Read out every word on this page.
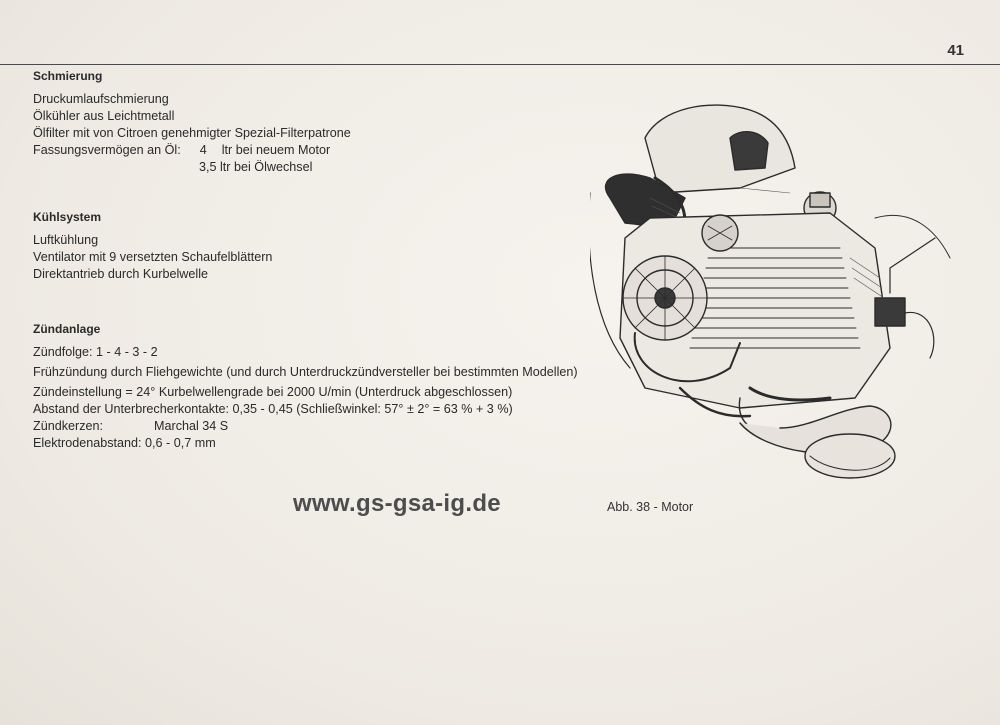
41
Schmierung
Druckumlaufschmierung
Ölkühler aus Leichtmetall
Ölfilter mit von Citroen genehmigter Spezial-Filterpatrone
Fassungsvermögen an Öl: 4 ltr bei neuem Motor
3,5 ltr bei Ölwechsel
Kühlsystem
Luftkühlung
Ventilator mit 9 versetzten Schaufelblättern
Direktantrieb durch Kurbelwelle
Zündanlage
Zündfolge: 1 - 4 - 3 - 2
Frühzündung durch Fliehgewichte (und durch Unterdruckzündversteller bei bestimmten Modellen)
Zündeinstellung = 24° Kurbelwellengrade bei 2000 U/min (Unterdruck abgeschlossen)
Abstand der Unterbrecherkontakte: 0,35 - 0,45 (Schließwinkel: 57° ± 2° = 63 % + 3 %)
Zündkerzen:	Marchal 34 S
Elektrodenabstand: 0,6 - 0,7 mm
www.gs-gsa-ig.de	Abb. 38 - Motor
